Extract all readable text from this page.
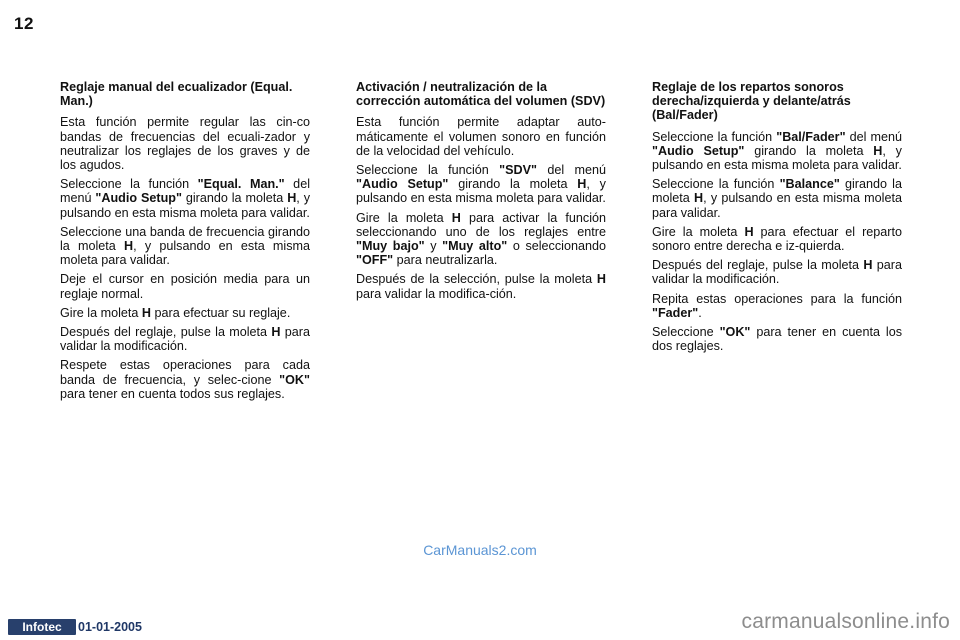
12
Reglaje manual del ecualizador (Equal. Man.)

Esta función permite regular las cin-co bandas de frecuencias del ecuali-zador y neutralizar los reglajes de los graves y de los agudos.

Seleccione la función "Equal. Man." del menú "Audio Setup" girando la moleta H, y pulsando en esta misma moleta para validar.

Seleccione una banda de frecuencia girando la moleta H, y pulsando en esta misma moleta para validar.

Deje el cursor en posición media para un reglaje normal.

Gire la moleta H para efectuar su reglaje.

Después del reglaje, pulse la moleta H para validar la modificación.

Respete estas operaciones para cada banda de frecuencia, y selec-cione "OK" para tener en cuenta todos sus reglajes.

Activación / neutralización de la corrección automática del volumen (SDV)

Esta función permite adaptar auto-máticamente el volumen sonoro en función de la velocidad del vehículo.

Seleccione la función "SDV" del menú "Audio Setup" girando la moleta H, y pulsando en esta misma moleta para validar.

Gire la moleta H para activar la función seleccionando uno de los reglajes entre "Muy bajo" y "Muy alto" o seleccionando "OFF" para neutralizarla.

Después de la selección, pulse la moleta H para validar la modifica-ción.

Reglaje de los repartos sonoros derecha/izquierda y delante/atrás (Bal/Fader)

Seleccione la función "Bal/Fader" del menú "Audio Setup" girando la moleta H, y pulsando en esta misma moleta para validar.

Seleccione la función "Balance" girando la moleta H, y pulsando en esta misma moleta para validar.

Gire la moleta H para efectuar el reparto sonoro entre derecha e iz-quierda.

Después del reglaje, pulse la moleta H para validar la modificación.

Repita estas operaciones para la función "Fader".

Seleccione "OK" para tener en cuenta los dos reglajes.

CarManuals2.com
Infotec	01-01-2005	carmanualsonline.info
